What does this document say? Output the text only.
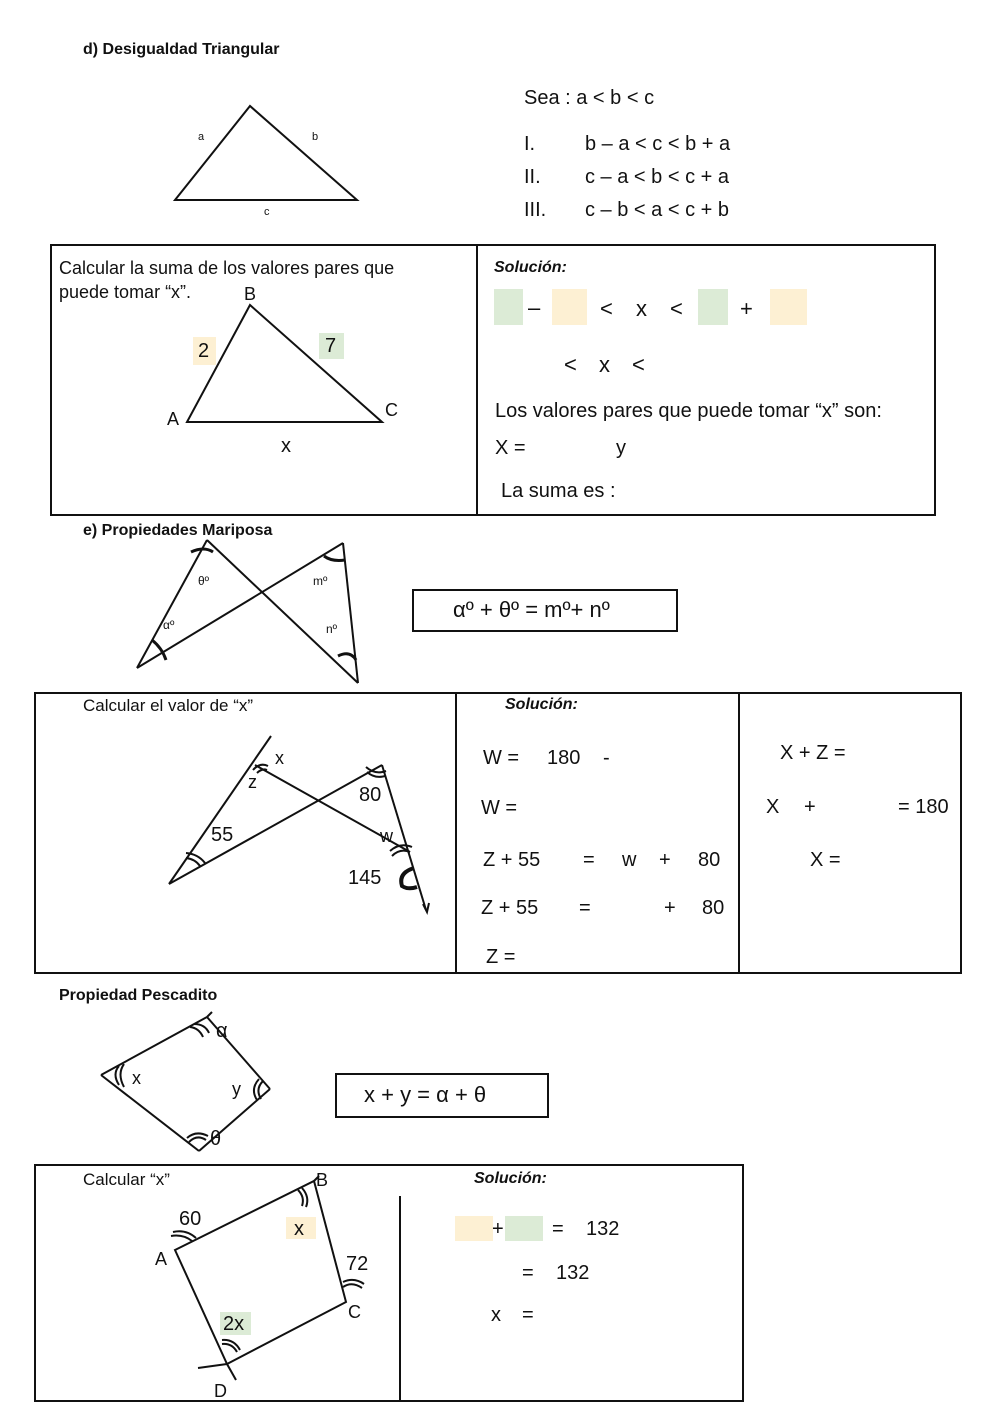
d) Desigualdad Triangular
a	b
c
Sea : a < b < c
I. b – a < c < b + a
II. c – a < b < c + a
III. c – b < a < c + b
Calcular la suma de los valores pares que
puede tomar “x”.	B
A	C
2	7
x
Solución:
–	< x <	+
< x <
Los valores pares que puede tomar “x” son:
X =	y
La suma es :
e) Propiedades Mariposa
θº
αº
mº
nº
αº + θº = mº+ nº
Calcular el valor de “x”
x
z
80
55	w
145
Solución:
W = 180 -
W =
Z + 55 = w + 80
Z + 55 =	+ 80
Z =
X + Z =
X +	= 180
X =
Propiedad Pescadito
α
x
y
θ
x + y = α + θ
Calcular “x”	B
60
A
x
72
C
2x
D
Solución:
+ = 132
= 132
x =
